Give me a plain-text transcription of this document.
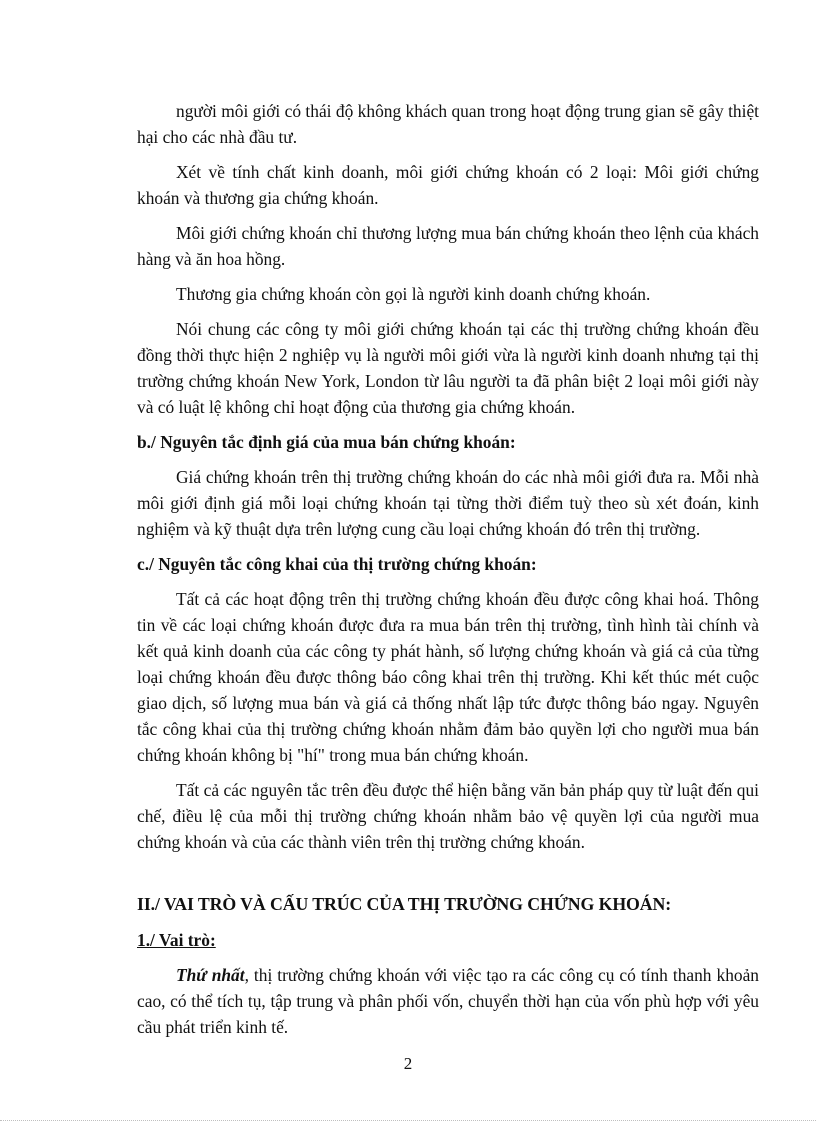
người môi giới có thái độ không khách quan trong hoạt động trung gian sẽ gây thiệt hại cho các nhà đầu tư.

Xét về tính chất kinh doanh, môi giới chứng khoán có 2 loại: Môi giới chứng khoán và thương gia chứng khoán.

Môi giới chứng khoán chỉ thương lượng mua bán chứng khoán theo lệnh của khách hàng và ăn hoa hồng.

Thương gia chứng khoán còn gọi là người kinh doanh chứng khoán.

Nói chung các công ty môi giới chứng khoán tại các thị trường chứng khoán đều đồng thời thực hiện 2 nghiệp vụ là người môi giới vừa là người kinh doanh nhưng tại thị trường chứng khoán New York, London từ lâu người ta đã phân biệt 2 loại môi giới này và có luật lệ không chỉ hoạt động của thương gia chứng khoán.

b./ Nguyên tắc định giá của mua bán chứng khoán:

Giá chứng khoán trên thị trường chứng khoán do các nhà môi giới đưa ra. Mỗi nhà môi giới định giá mỗi loại chứng khoán tại từng thời điểm tuỳ theo sù xét đoán, kinh nghiệm và kỹ thuật dựa trên lượng cung cầu loại chứng khoán đó trên thị trường.

c./ Nguyên tắc công khai của thị trường chứng khoán:

Tất cả các hoạt động trên thị trường chứng khoán đều được công khai hoá. Thông tin về các loại chứng khoán được đưa ra mua bán trên thị trường, tình hình tài chính và kết quả kinh doanh của các công ty phát hành, số lượng chứng khoán và giá cả của từng loại chứng khoán đều được thông báo công khai trên thị trường. Khi kết thúc mét cuộc giao dịch, số lượng mua bán và giá cả thống nhất lập tức được thông báo ngay. Nguyên tắc công khai của thị trường chứng khoán nhằm đảm bảo quyền lợi cho người mua bán chứng khoán không bị "hí" trong mua bán chứng khoán.

Tất cả các nguyên tắc trên đều được thể hiện bằng văn bản pháp quy từ luật đến qui chế, điều lệ của mỗi thị trường chứng khoán nhằm bảo vệ quyền lợi của người mua chứng khoán và của các thành viên trên thị trường chứng khoán.

II./ VAI TRÒ VÀ CẤU TRÚC CỦA THỊ TRƯỜNG CHỨNG KHOÁN:

1./ Vai trò:

Thứ nhất, thị trường chứng khoán với việc tạo ra các công cụ có tính thanh khoản cao, có thể tích tụ, tập trung và phân phối vốn, chuyển thời hạn của vốn phù hợp với yêu cầu phát triển kinh tế.

2
